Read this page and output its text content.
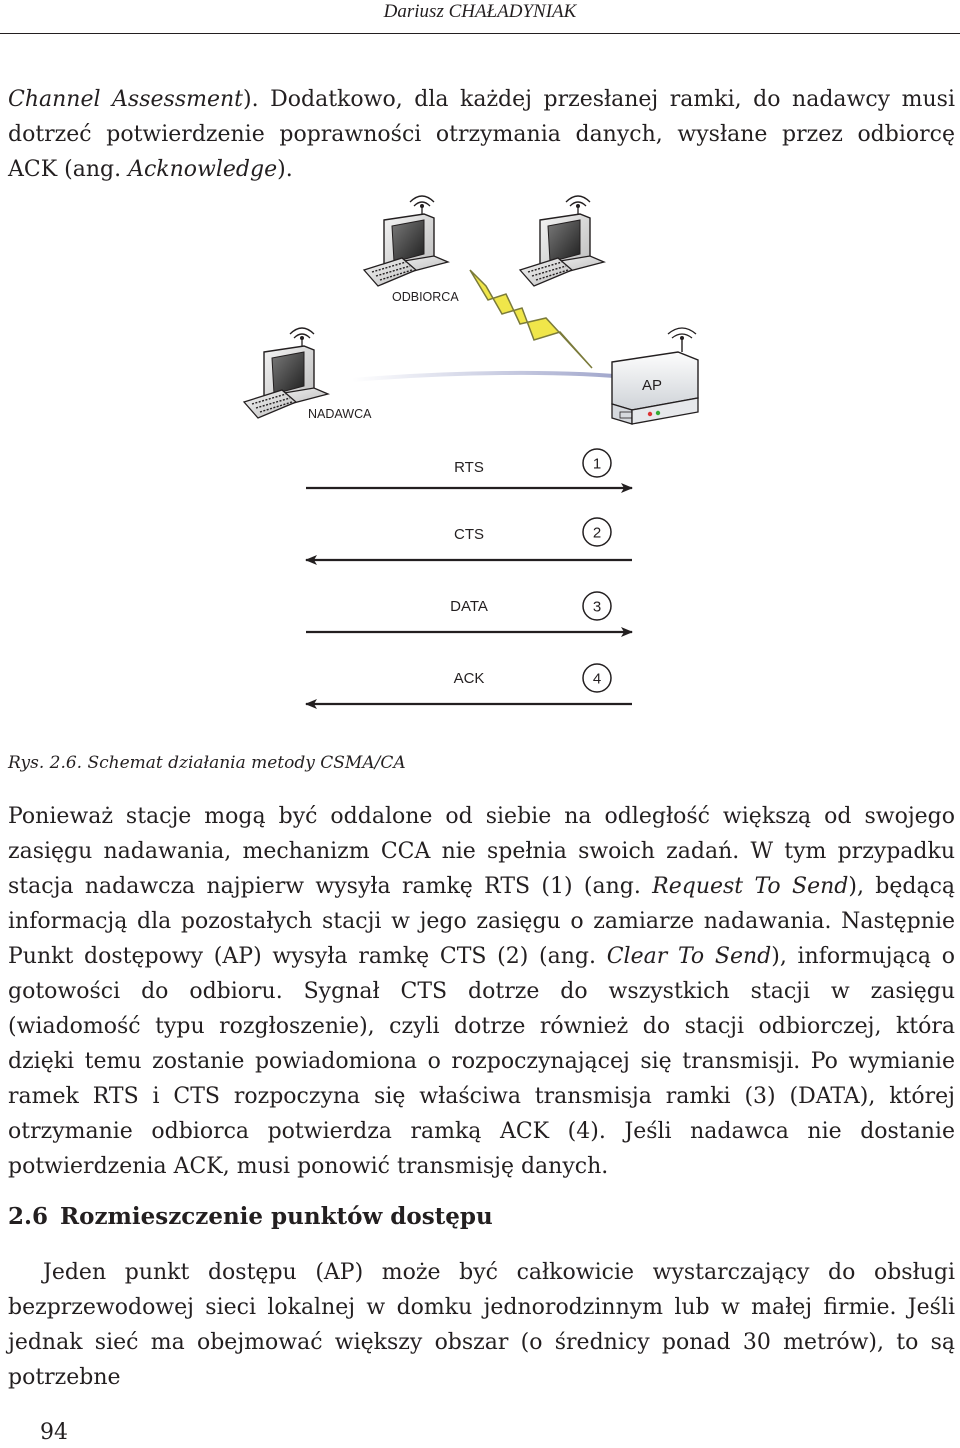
Dariusz CHAŁADYNIAK

Channel Assessment). Dodatkowo, dla każdej przesłanej ramki, do nadawcy musi dotrzeć potwierdzenie poprawności otrzymania danych, wysłane przez odbiorcę ACK (ang. Acknowledge).

ODBIORCA
NADAWCA
AP
RTS	1
CTS	2
DATA	3
ACK	4
Rys. 2.6. Schemat działania metody CSMA/CA

Ponieważ stacje mogą być oddalone od siebie na odległość większą od swojego zasięgu nadawania, mechanizm CCA nie spełnia swoich zadań. W tym przypadku stacja nadawcza najpierw wysyła ramkę RTS (1) (ang. Request To Send), będącą informacją dla pozostałych stacji w jego zasięgu o zamiarze nadawania. Następnie Punkt dostępowy (AP) wysyła ramkę CTS (2) (ang. Clear To Send), informującą o gotowości do odbioru. Sygnał CTS dotrze do wszystkich stacji w zasięgu (wiadomość typu rozgłoszenie), czyli dotrze również do stacji odbiorczej, która dzięki temu zostanie powiadomiona o rozpoczynającej się transmisji. Po wymianie ramek RTS i CTS rozpoczyna się właściwa transmisja ramki (3) (DATA), której otrzymanie odbiorca potwierdza ramką ACK (4). Jeśli nadawca nie dostanie potwierdzenia ACK, musi ponowić transmisję danych.

2.6 Rozmieszczenie punktów dostępu

Jeden punkt dostępu (AP) może być całkowicie wystarczający do obsługi bezprzewodowej sieci lokalnej w domku jednorodzinnym lub w małej firmie. Jeśli jednak sieć ma obejmować większy obszar (o średnicy ponad 30 metrów), to są potrzebne

94
